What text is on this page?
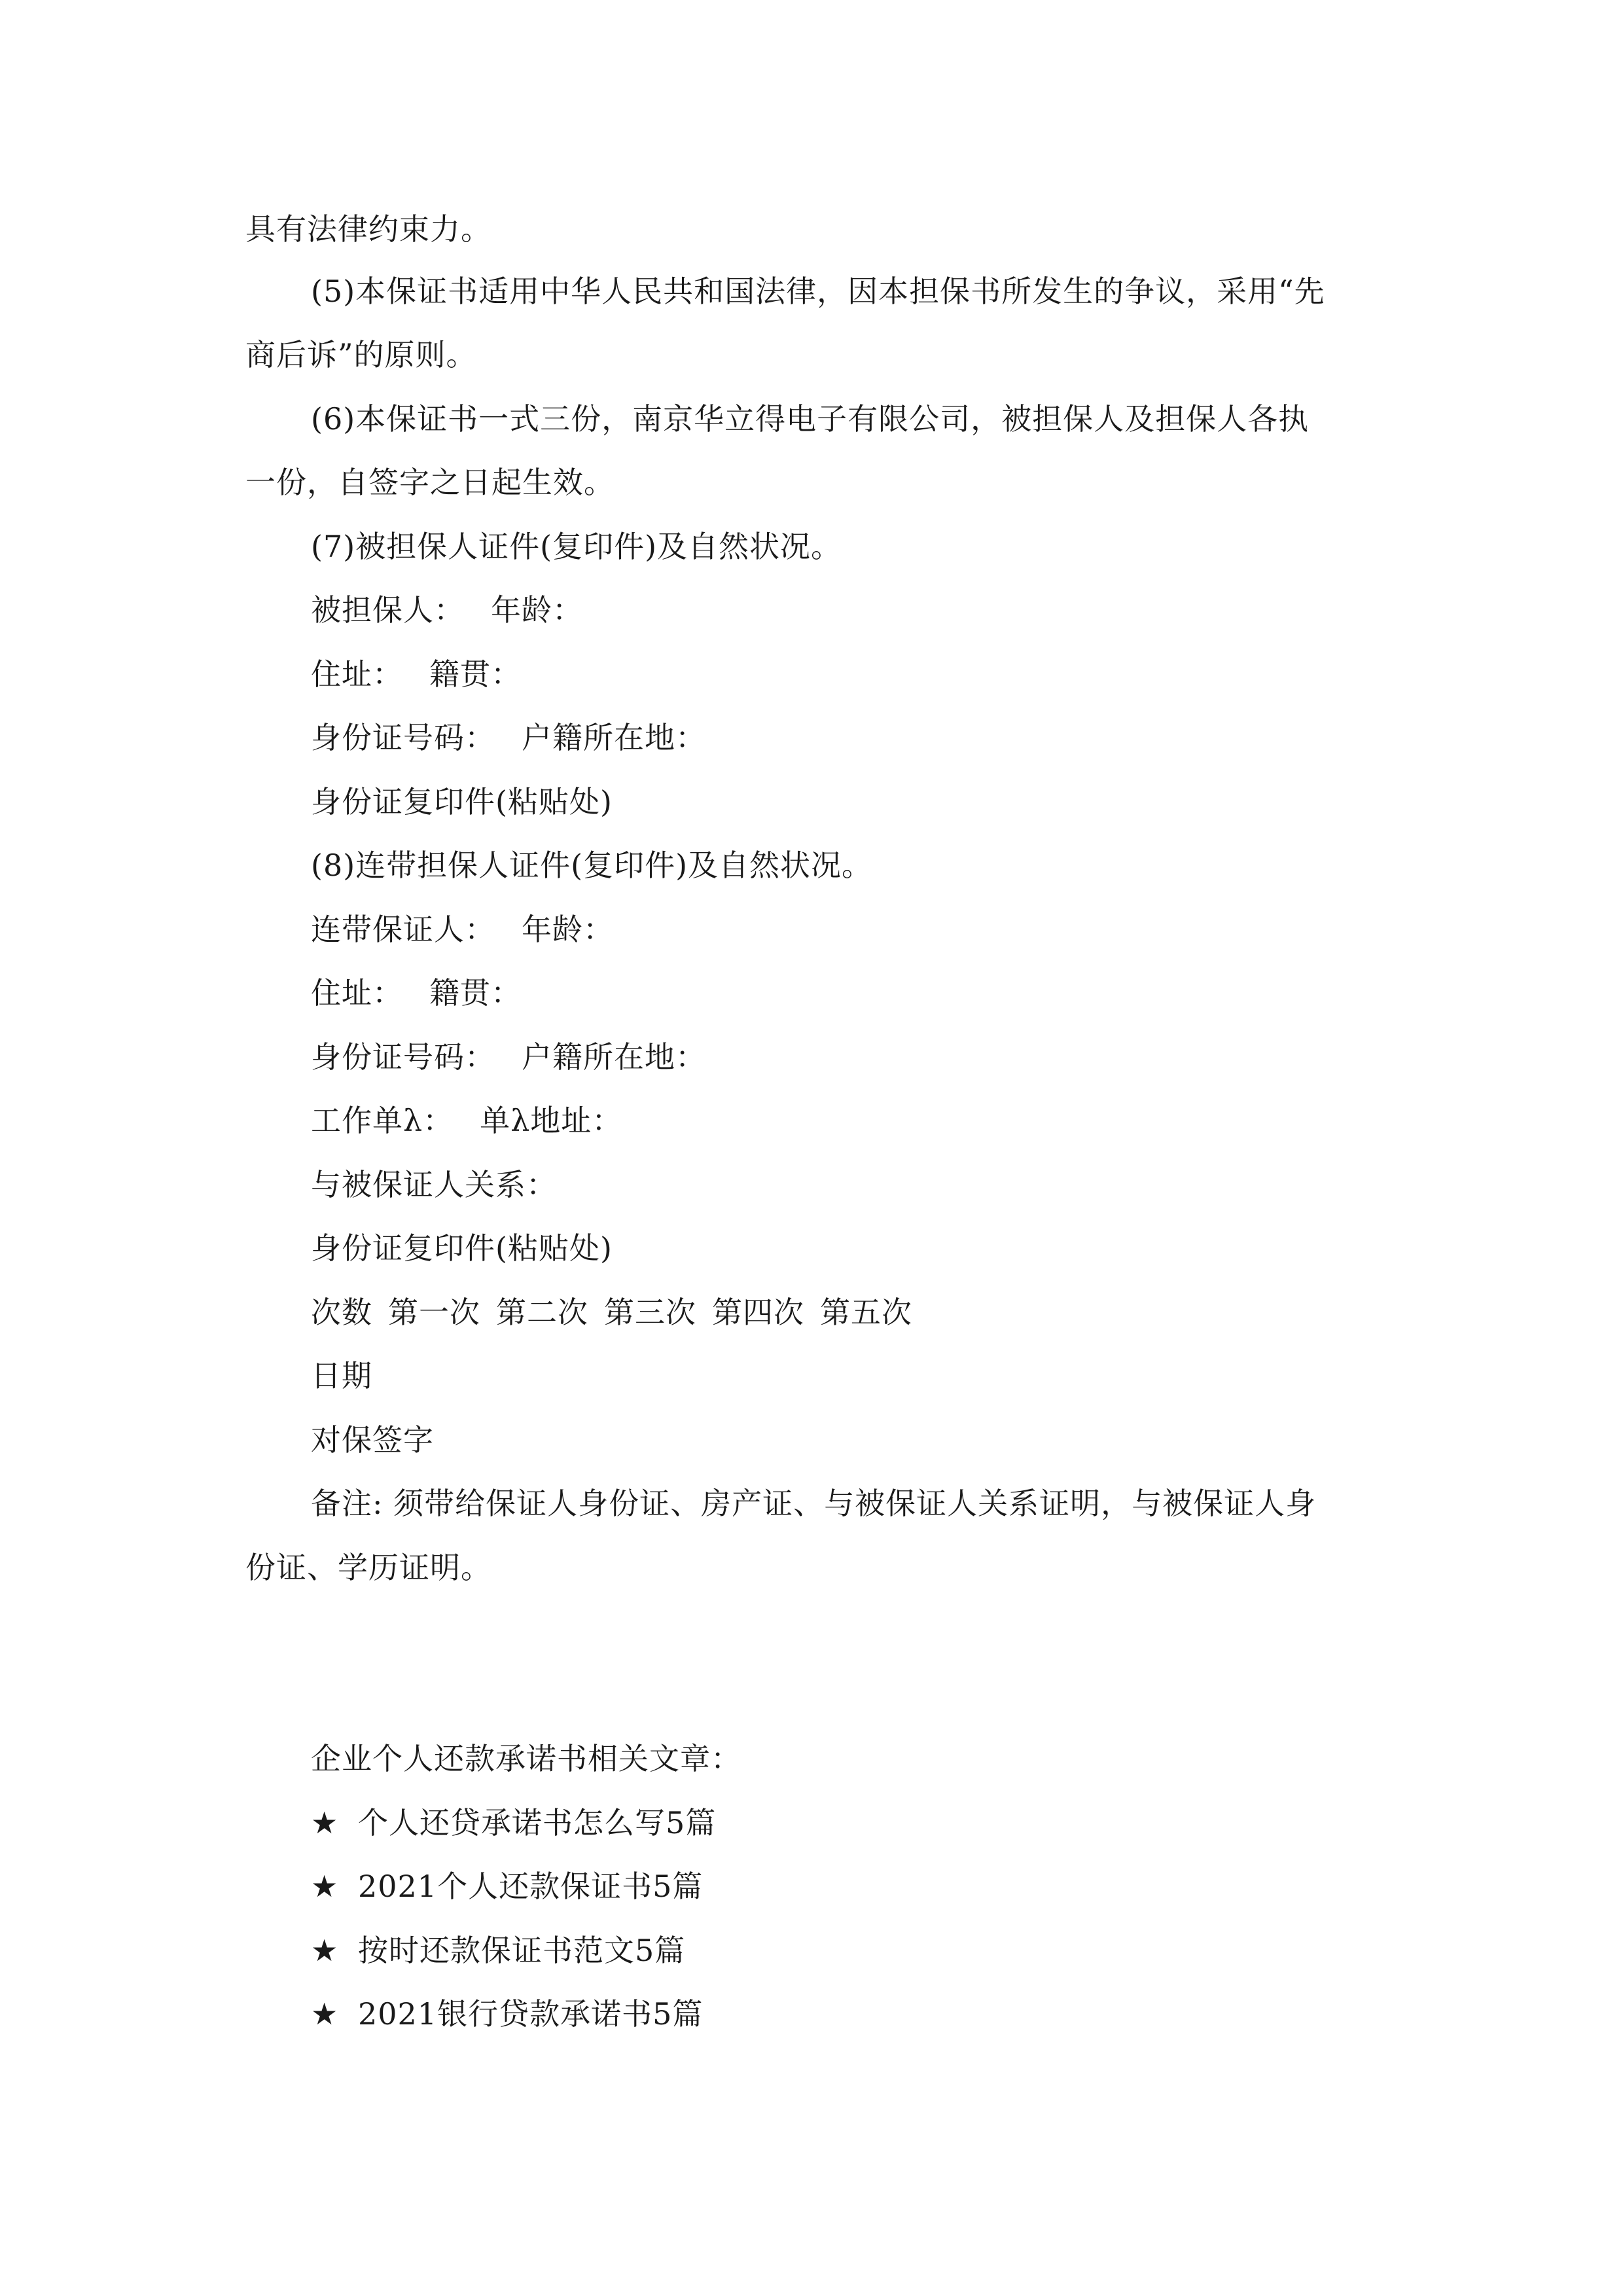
具有法律约束力。
(5)本保证书适用中华人民共和国法律，因本担保书所发生的争议，采用“先
商后诉”的原则。
(6)本保证书一式三份，南京华立得电子有限公司，被担保人及担保人各执
一份，自签字之日起生效。
(7)被担保人证件(复印件)及自然状况。
被担保人： 年龄：
住址： 籍贯：
身份证号码： 户籍所在地：
身份证复印件(粘贴处)
(8)连带担保人证件(复印件)及自然状况。
连带保证人： 年龄：
住址： 籍贯：
身份证号码： 户籍所在地：
工作单λ： 单λ地址：
与被保证人关系：
身份证复印件(粘贴处)
次数 第一次 第二次 第三次 第四次 第五次
日期
对保签字
备注: 须带给保证人身份证、房产证、与被保证人关系证明，与被保证人身
份证、学历证明。
企业个人还款承诺书相关文章：
★ 个人还贷承诺书怎么写5篇
★ 2021个人还款保证书5篇
★ 按时还款保证书范文5篇
★ 2021银行贷款承诺书5篇
